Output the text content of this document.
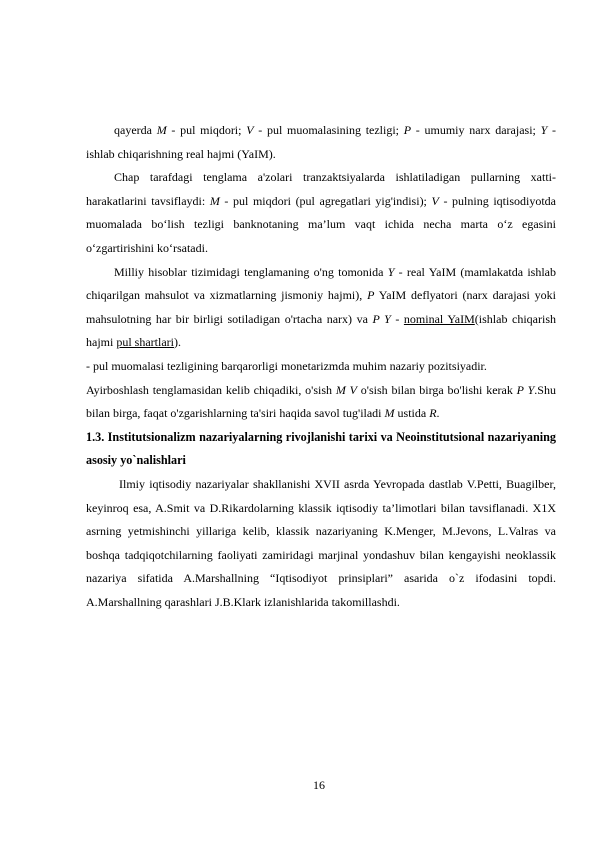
qayerda M - pul miqdori; V - pul muomalasining tezligi; P - umumiy narx darajasi; Y - ishlab chiqarishning real hajmi (YaIM).

Chap tarafdagi tenglama a'zolari tranzaktsiyalarda ishlatiladigan pullarning xatti-harakatlarini tavsiflaydi: M - pul miqdori (pul agregatlari yig'indisi); V - pulning iqtisodiyotda muomalada bo‘lish tezligi banknotaning ma’lum vaqt ichida necha marta o‘z egasini o‘zgartirishini ko‘rsatadi.

Milliy hisoblar tizimidagi tenglamaning o'ng tomonida Y - real YaIM (mamlakatda ishlab chiqarilgan mahsulot va xizmatlarning jismoniy hajmi), P YaIM deflyatori (narx darajasi yoki mahsulotning har bir birligi sotiladigan o'rtacha narx) va P Y - nominal YaIM(ishlab chiqarish hajmi pul shartlari).

- pul muomalasi tezligining barqarorligi monetarizmda muhim nazariy pozitsiyadir.

Ayirboshlash tenglamasidan kelib chiqadiki, o'sish M V o'sish bilan birga bo'lishi kerak P Y.Shu bilan birga, faqat o'zgarishlarning ta'siri haqida savol tug'iladi M ustida R.

1.3. Institutsionalizm nazariyalarning rivojlanishi tarixi va Neoinstitutsional nazariyaning asosiy yo`nalishlari

Ilmiy iqtisodiy nazariyalar shakllanishi XVII asrda Yevropada dastlab V.Petti, Buagilber, keyinroq esa, A.Smit va D.Rikardolarning klassik iqtisodiy ta’limotlari bilan tavsiflanadi. X1X asrning yetmishinchi yillariga kelib, klassik nazariyaning K.Menger, M.Jevons, L.Valras va boshqa tadqiqotchilarning faoliyati zamiridagi marjinal yondashuv bilan kengayishi neoklassik nazariya sifatida A.Marshallning “Iqtisodiyot prinsiplari” asarida o`z ifodasini topdi. A.Marshallning qarashlari J.B.Klark izlanishlarida takomillashdi.

16
